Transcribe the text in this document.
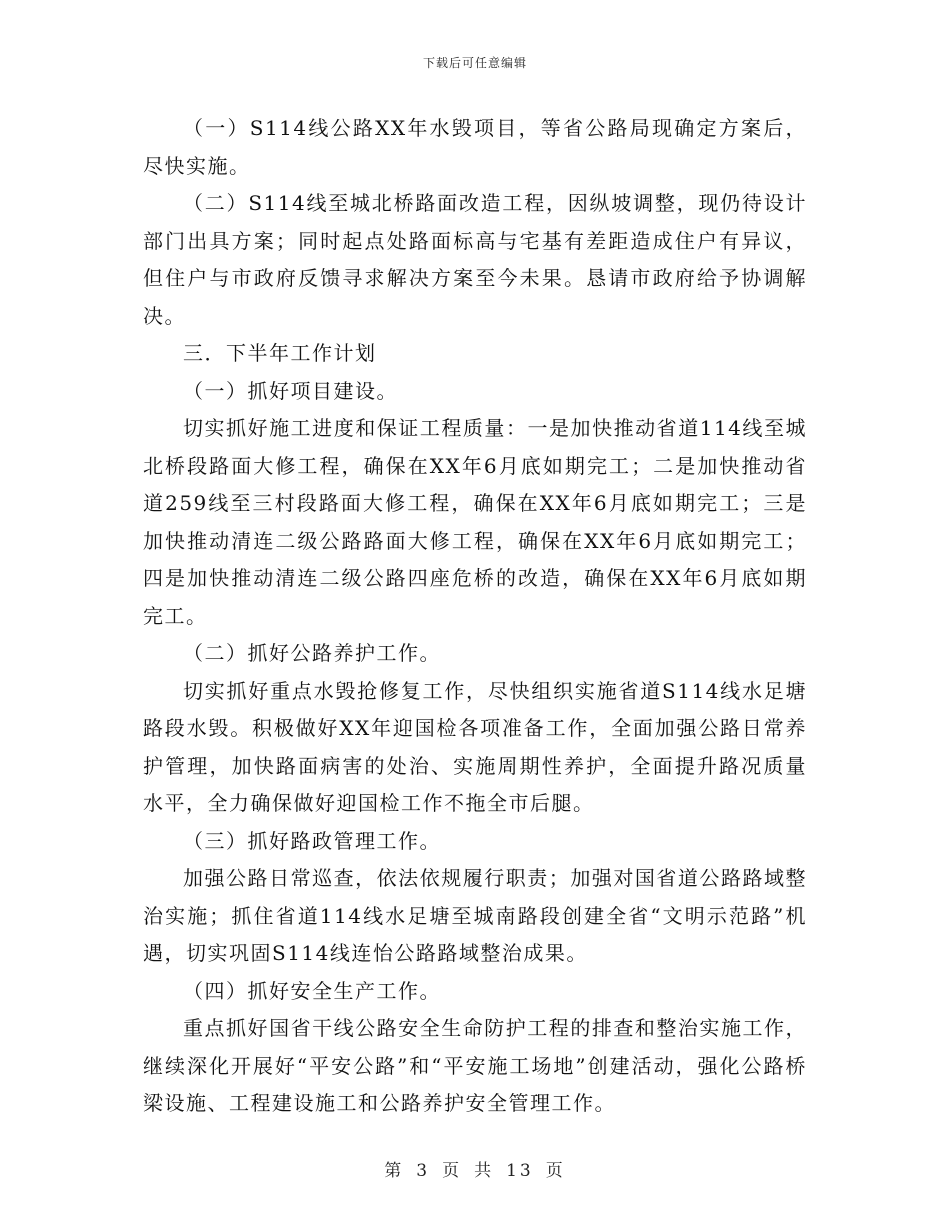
下载后可任意编辑

（一）S114线公路XX年水毁项目，等省公路局现确定方案后，尽快实施。

（二）S114线至城北桥路面改造工程，因纵坡调整，现仍待设计部门出具方案；同时起点处路面标高与宅基有差距造成住户有异议，但住户与市政府反馈寻求解决方案至今未果。恳请市政府给予协调解决。

三．下半年工作计划

（一）抓好项目建设。

切实抓好施工进度和保证工程质量：一是加快推动省道114线至城北桥段路面大修工程，确保在XX年6月底如期完工；二是加快推动省道259线至三村段路面大修工程，确保在XX年6月底如期完工；三是加快推动清连二级公路路面大修工程，确保在XX年6月底如期完工；四是加快推动清连二级公路四座危桥的改造，确保在XX年6月底如期完工。

（二）抓好公路养护工作。

切实抓好重点水毁抢修复工作，尽快组织实施省道S114线水足塘路段水毁。积极做好XX年迎国检各项准备工作，全面加强公路日常养护管理，加快路面病害的处治、实施周期性养护，全面提升路况质量水平，全力确保做好迎国检工作不拖全市后腿。

（三）抓好路政管理工作。

加强公路日常巡查，依法依规履行职责；加强对国省道公路路域整治实施；抓住省道114线水足塘至城南路段创建全省“文明示范路”机遇，切实巩固S114线连怡公路路域整治成果。

（四）抓好安全生产工作。

重点抓好国省干线公路安全生命防护工程的排查和整治实施工作，继续深化开展好“平安公路”和“平安施工场地”创建活动，强化公路桥梁设施、工程建设施工和公路养护安全管理工作。

第 3 页 共 13 页
